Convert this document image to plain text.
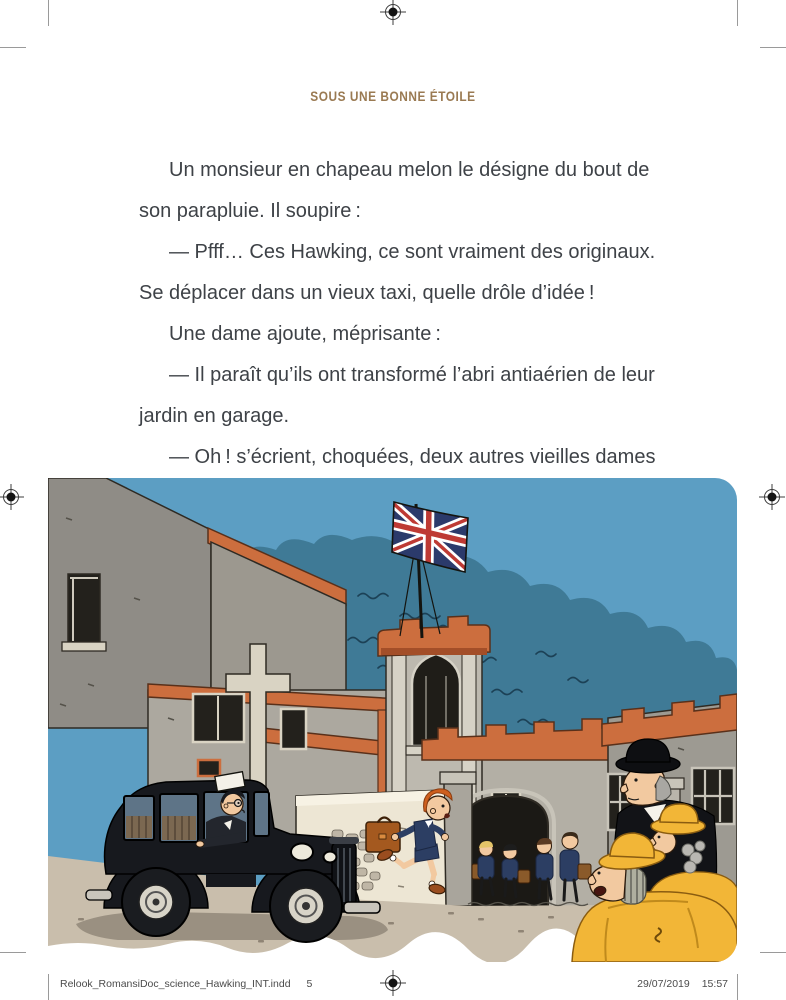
SOUS UNE BONNE ÉTOILE
Un monsieur en chapeau melon le désigne du bout de
son parapluie. Il soupire :
— Pfff… Ces Hawking, ce sont vraiment des originaux.
Se déplacer dans un vieux taxi, quelle drôle d’idée !
Une dame ajoute, méprisante :
— Il paraît qu’ils ont transformé l’abri antiaérien de leur
jardin en garage.
— Oh ! s’écrient, choquées, deux autres vieilles dames
Relook_RomansiDoc_science_Hawking_INT.indd 5	29/07/2019 15:57
